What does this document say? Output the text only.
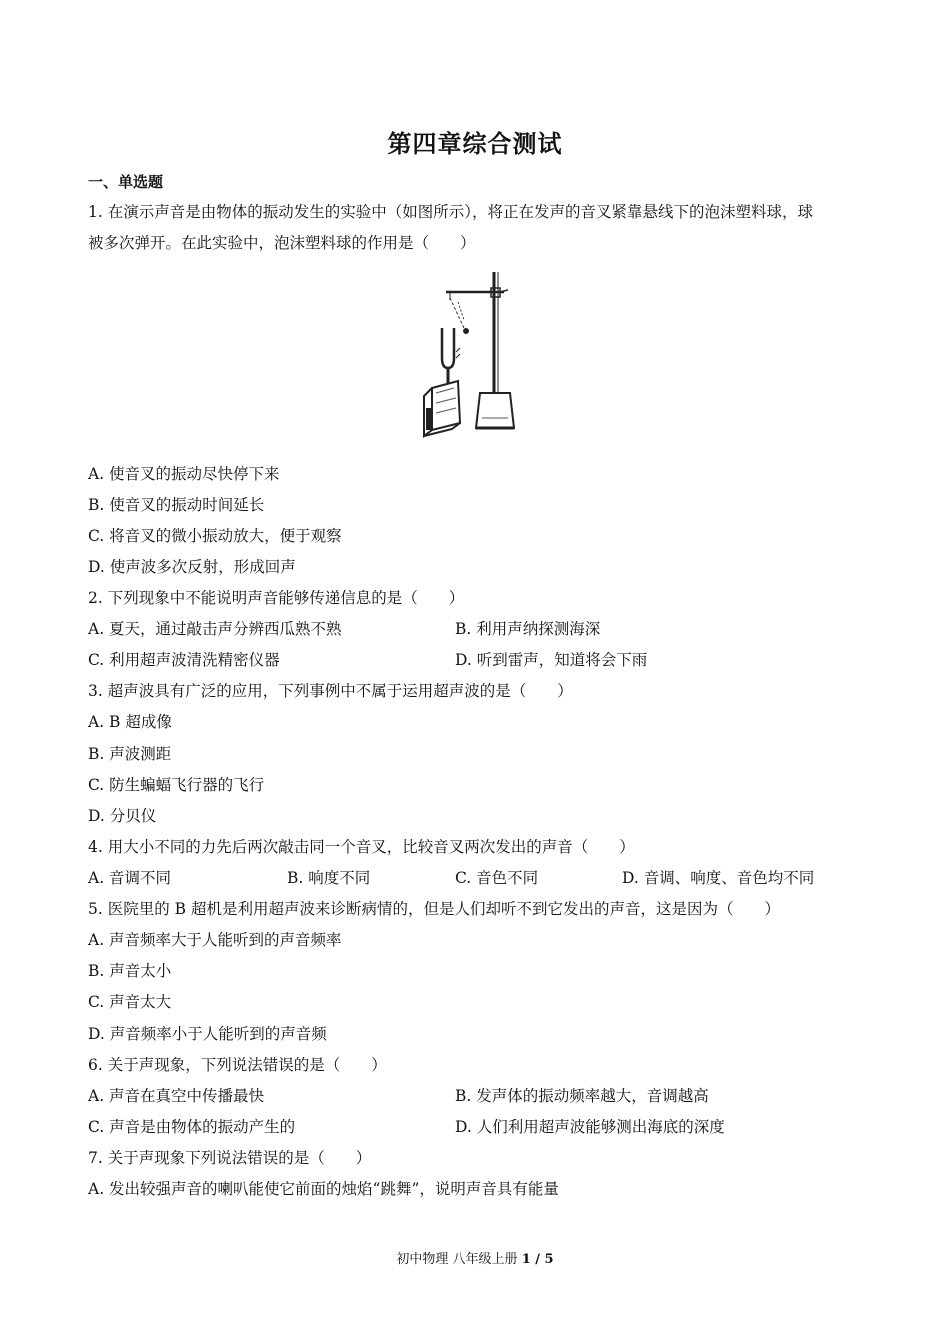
第四章综合测试
一、单选题
1. 在演示声音是由物体的振动发生的实验中（如图所示），将正在发声的音叉紧靠悬线下的泡沫塑料球，球
被多次弹开。在此实验中，泡沫塑料球的作用是（　　）
A. 使音叉的振动尽快停下来
B. 使音叉的振动时间延长
C. 将音叉的微小振动放大，便于观察
D. 使声波多次反射，形成回声
2. 下列现象中不能说明声音能够传递信息的是（　　）
A. 夏天，通过敲击声分辨西瓜熟不熟	B. 利用声纳探测海深
C. 利用超声波清洗精密仪器	D. 听到雷声，知道将会下雨
3. 超声波具有广泛的应用，下列事例中不属于运用超声波的是（　　）
A. B 超成像
B. 声波测距
C. 防生蝙蝠飞行器的飞行
D. 分贝仪
4. 用大小不同的力先后两次敲击同一个音叉，比较音叉两次发出的声音（　　）
A. 音调不同	B. 响度不同	C. 音色不同	D. 音调、响度、音色均不同
5. 医院里的 B 超机是利用超声波来诊断病情的，但是人们却听不到它发出的声音，这是因为（　　）
A. 声音频率大于人能听到的声音频率
B. 声音太小
C. 声音太大
D. 声音频率小于人能听到的声音频
6. 关于声现象，下列说法错误的是（　　）
A. 声音在真空中传播最快	B. 发声体的振动频率越大，音调越高
C. 声音是由物体的振动产生的	D. 人们利用超声波能够测出海底的深度
7. 关于声现象下列说法错误的是（　　）
A. 发出较强声音的喇叭能使它前面的烛焰“跳舞”，说明声音具有能量
初中物理 八年级上册 1 / 5
